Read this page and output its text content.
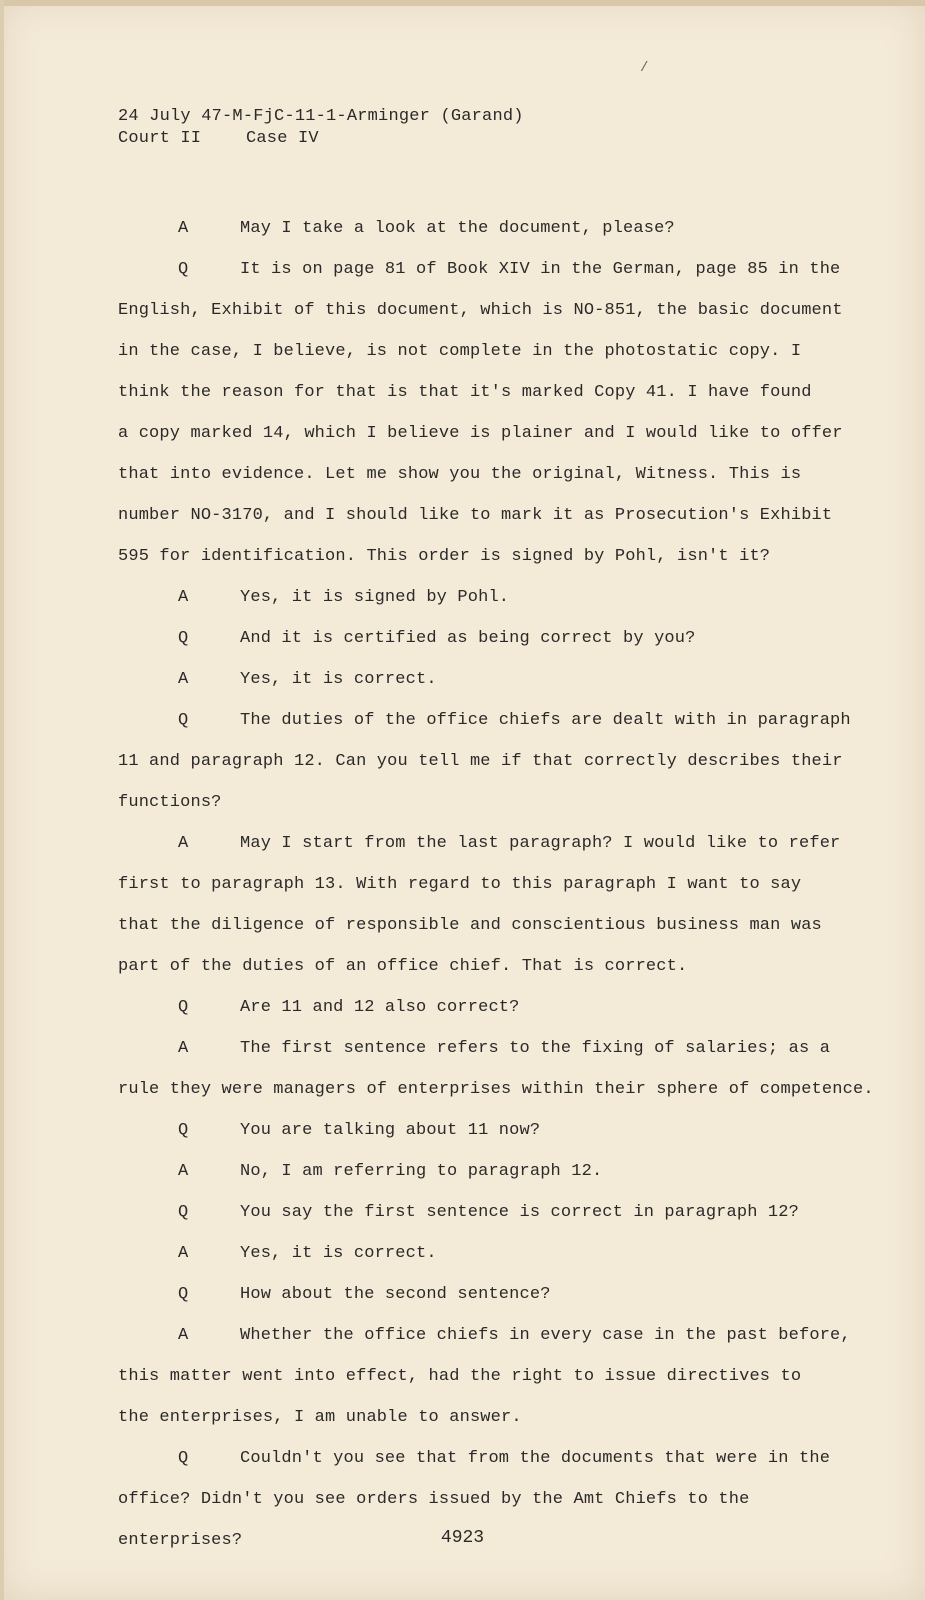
/
24 July 47-M-FjC-11-1-Arminger (Garand)
Court II	Case IV
A	May I take a look at the document, please?
Q	It is on page 81 of Book XIV in the German, page 85 in the
English, Exhibit of this document, which is NO-851, the basic document
in the case, I believe, is not complete in the photostatic copy. I
think the reason for that is that it's marked Copy 41. I have found
a copy marked 14, which I believe is plainer and I would like to offer
that into evidence. Let me show you the original, Witness. This is
number NO-3170, and I should like to mark it as Prosecution's Exhibit
595 for identification. This order is signed by Pohl, isn't it?
A	Yes, it is signed by Pohl.
Q	And it is certified as being correct by you?
A	Yes, it is correct.
Q	The duties of the office chiefs are dealt with in paragraph
11 and paragraph 12. Can you tell me if that correctly describes their
functions?
A	May I start from the last paragraph? I would like to refer
first to paragraph 13. With regard to this paragraph I want to say
that the diligence of responsible and conscientious business man was
part of the duties of an office chief. That is correct.
Q	Are 11 and 12 also correct?
A	The first sentence refers to the fixing of salaries; as a
rule they were managers of enterprises within their sphere of competence.
Q	You are talking about 11 now?
A	No, I am referring to paragraph 12.
Q	You say the first sentence is correct in paragraph 12?
A	Yes, it is correct.
Q	How about the second sentence?
A	Whether the office chiefs in every case in the past before,
this matter went into effect, had the right to issue directives to
the enterprises, I am unable to answer.
Q	Couldn't you see that from the documents that were in the
office? Didn't you see orders issued by the Amt Chiefs to the enterprises?	4923
